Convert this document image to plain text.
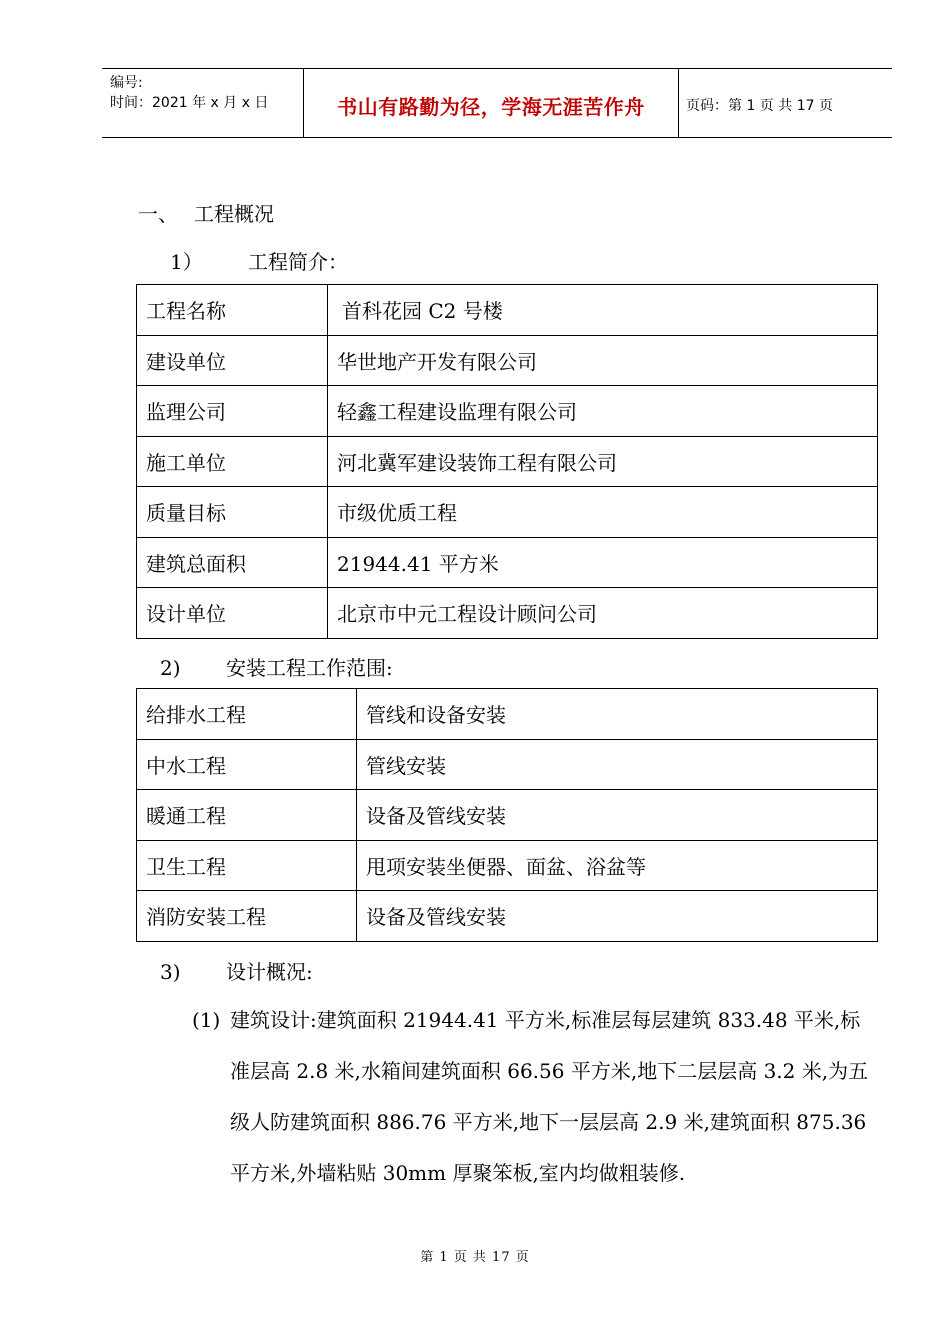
编号:
时间：2021 年 x 月 x 日	书山有路勤为径，学海无涯苦作舟	页码：第 1 页 共 17 页
一、 工程概况
1） 工程简介：
工程名称	首科花园 C2 号楼
建设单位	华世地产开发有限公司
监理公司	轻鑫工程建设监理有限公司
施工单位	河北冀军建设装饰工程有限公司
质量目标	市级优质工程
建筑总面积	21944.41 平方米
设计单位	北京市中元工程设计顾问公司
2) 安装工程工作范围:
给排水工程	管线和设备安装
中水工程	管线安装
暖通工程	设备及管线安装
卫生工程	甩项安装坐便器、面盆、浴盆等
消防安装工程	设备及管线安装
3) 设计概况:
(1) 建筑设计:建筑面积 21944.41 平方米,标准层每层建筑 833.48 平米,标准层高 2.8 米,水箱间建筑面积 66.56 平方米,地下二层层高 3.2 米,为五级人防建筑面积 886.76 平方米,地下一层层高 2.9 米,建筑面积 875.36 平方米,外墙粘贴 30mm 厚聚笨板,室内均做粗装修.
第 1 页 共 17 页
